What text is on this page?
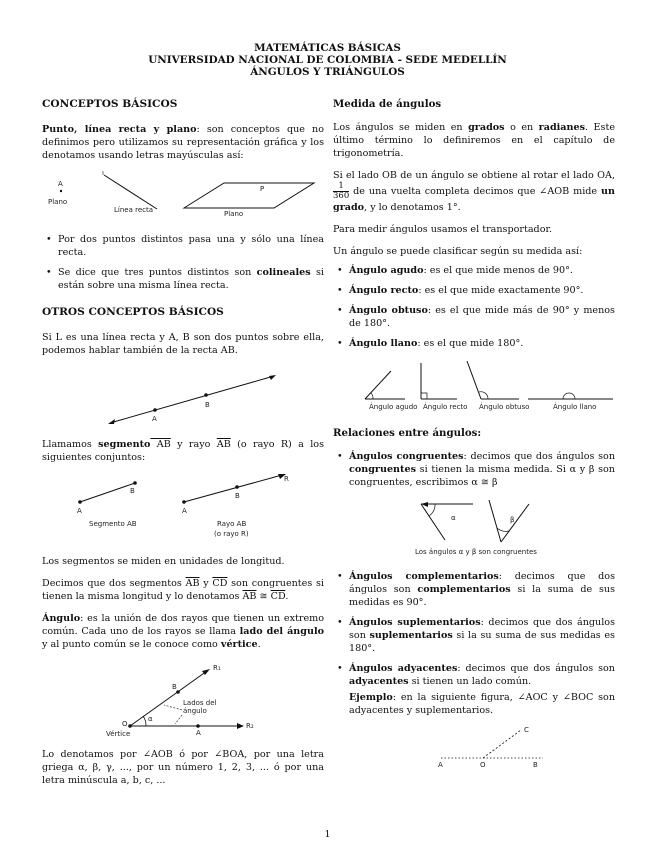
MATEMÁTICAS BÁSICAS
UNIVERSIDAD NACIONAL DE COLOMBIA - SEDE MEDELLÍN
ÁNGULOS Y TRIÁNGULOS
CONCEPTOS BÁSICOS

Punto, línea recta y plano: son conceptos que no definimos pero utilizamos su representación gráfica y los denotamos usando letras mayúsculas así:

A
Plano
l
Línea recta
P
Plano
• Por dos puntos distintos pasa una y sólo una línea recta.
• Se dice que tres puntos distintos son colineales si están sobre una misma línea recta.
OTROS CONCEPTOS BÁSICOS

Si L es una línea recta y A, B son dos puntos sobre ella, podemos hablar también de la recta AB.

B
A

Llamamos segmento AB y rayo $\overline{AB}$ (o rayo R) a los siguientes conjuntos:

B
A
Segmento AB
R
B
A
Rayo AB
(o rayo R)

Los segmentos se miden en unidades de longitud.

Decimos que dos segmentos $\overline{AB}$ y $\overline{CD}$ son congruentes si tienen la misma longitud y lo denotamos $\overline{AB}$ ≅ $\overline{CD}$.

Ángulo: es la unión de dos rayos que tienen un extremo común. Cada uno de los rayos se llama lado del ángulo y al punto común se le conoce como vértice.

α
R₁
B
Lados del
ángulo
O
A
R₂
Vértice

Lo denotamos por ∠AOB ó por ∠BOA, por una letra griega α, β, γ, ..., por un número 1, 2, 3, ... ó por una letra minúscula a, b, c, ...

Medida de ángulos

Los ángulos se miden en grados o en radianes. Este último término lo definiremos en el capítulo de trigonometría.

Si el lado OB de un ángulo se obtiene al rotar el lado OA,
$\frac{1}{360}$ de una vuelta completa decimos que ∠AOB mide un grado, y lo denotamos 1°.

Para medir ángulos usamos el transportador.

Un ángulo se puede clasificar según su medida así:

• Ángulo agudo: es el que mide menos de 90°.
• Ángulo recto: es el que mide exactamente 90°.
• Ángulo obtuso: es el que mide más de 90° y menos de 180°.
• Ángulo llano: es el que mide 180°.
Ángulo agudo Ángulo recto Ángulo obtuso	Ángulo llano
Relaciones entre ángulos:
• Ángulos congruentes: decimos que dos ángulos son congruentes si tienen la misma medida. Si α y β son congruentes, escribimos α ≅ β
α	β
Los ángulos α y β son congruentes
• Ángulos complementarios: decimos que dos ángulos son complementarios si la suma de sus medidas es 90°.
• Ángulos suplementarios: decimos que dos ángulos son suplementarios si la su suma de sus medidas es 180°.
• Ángulos adyacentes: decimos que dos ángulos son adyacentes si tienen un lado común.
Ejemplo: en la siguiente figura, ∠AOC y ∠BOC son adyacentes y suplementarios.
C
A	O	B
1
